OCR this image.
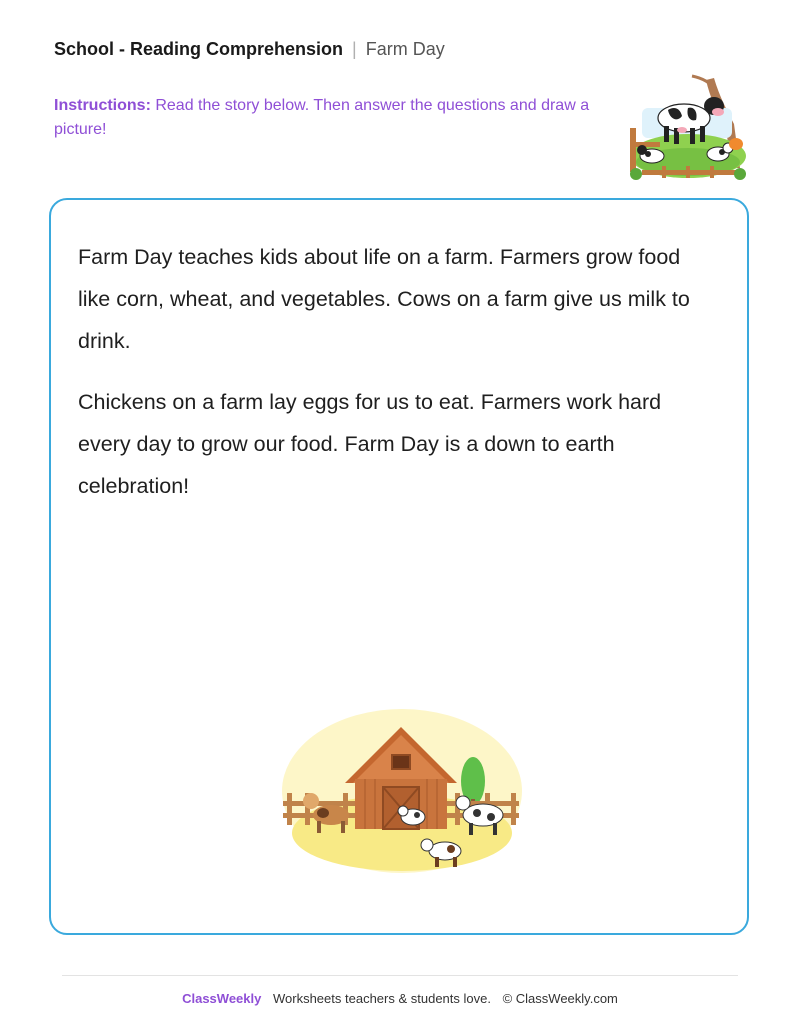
School - Reading Comprehension | Farm Day
Instructions: Read the story below. Then answer the questions and draw a picture!

Farm Day teaches kids about life on a farm. Farmers grow food like corn, wheat, and vegetables. Cows on a farm give us milk to drink.

Chickens on a farm lay eggs for us to eat. Farmers work hard every day to grow our food. Farm Day is a down to earth celebration!

ClassWeekly Worksheets teachers & students love. © ClassWeekly.com
